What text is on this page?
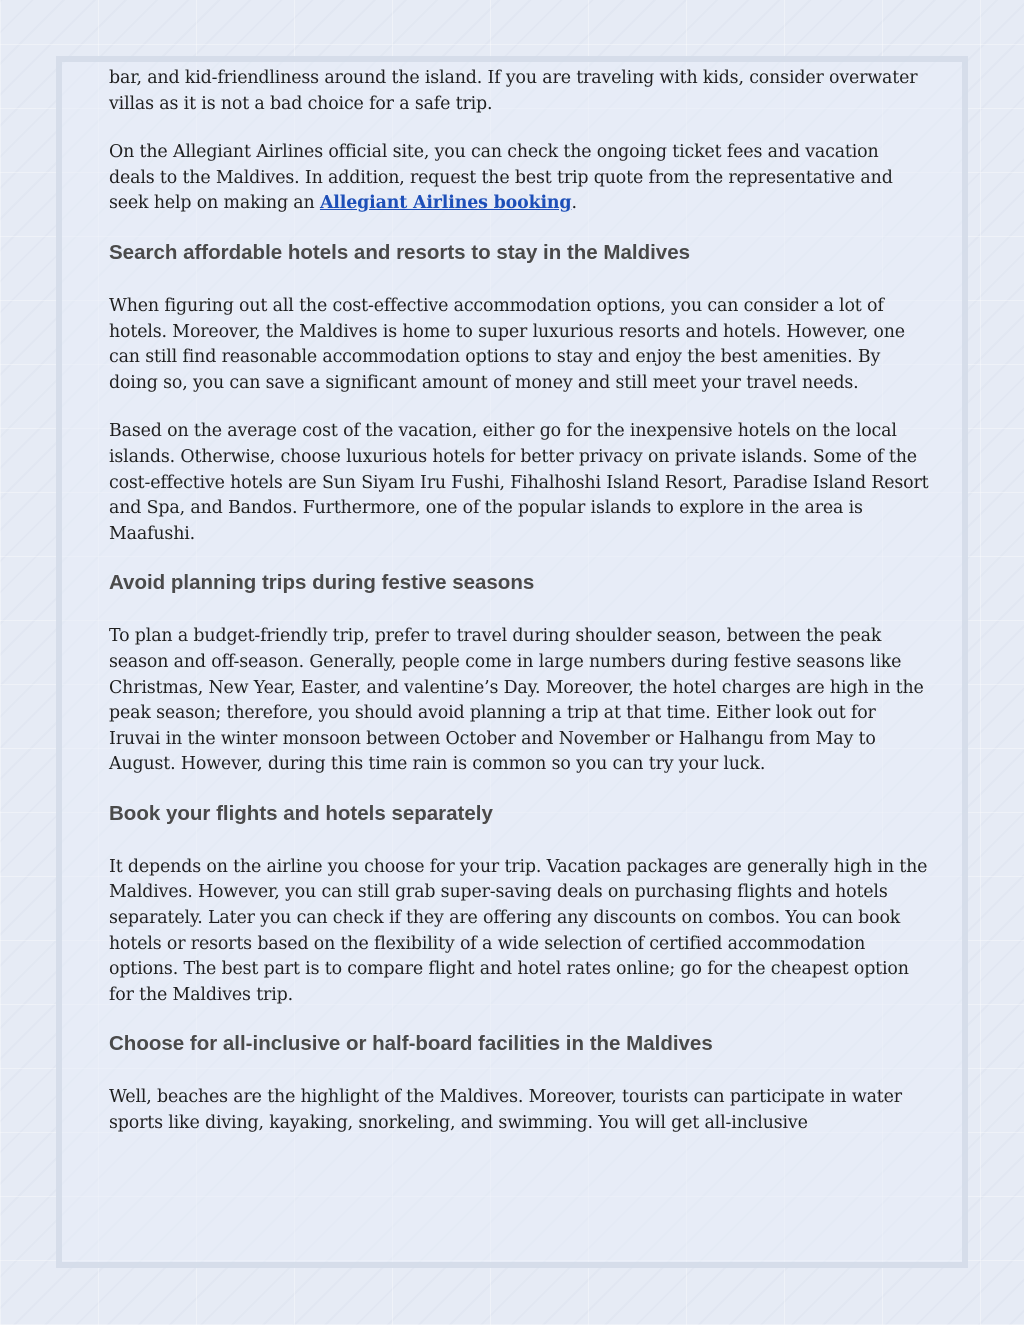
bar, and kid-friendliness around the island. If you are traveling with kids, consider overwater villas as it is not a bad choice for a safe trip.

On the Allegiant Airlines official site, you can check the ongoing ticket fees and vacation deals to the Maldives. In addition, request the best trip quote from the representative and seek help on making an Allegiant Airlines booking.

Search affordable hotels and resorts to stay in the Maldives

When figuring out all the cost-effective accommodation options, you can consider a lot of hotels. Moreover, the Maldives is home to super luxurious resorts and hotels. However, one can still find reasonable accommodation options to stay and enjoy the best amenities. By doing so, you can save a significant amount of money and still meet your travel needs.

Based on the average cost of the vacation, either go for the inexpensive hotels on the local islands. Otherwise, choose luxurious hotels for better privacy on private islands. Some of the cost-effective hotels are Sun Siyam Iru Fushi, Fihalhoshi Island Resort, Paradise Island Resort and Spa, and Bandos. Furthermore, one of the popular islands to explore in the area is Maafushi.

Avoid planning trips during festive seasons

To plan a budget-friendly trip, prefer to travel during shoulder season, between the peak season and off-season. Generally, people come in large numbers during festive seasons like Christmas, New Year, Easter, and valentine’s Day. Moreover, the hotel charges are high in the peak season; therefore, you should avoid planning a trip at that time. Either look out for Iruvai in the winter monsoon between October and November or Halhangu from May to August. However, during this time rain is common so you can try your luck.

Book your flights and hotels separately

It depends on the airline you choose for your trip. Vacation packages are generally high in the Maldives. However, you can still grab super-saving deals on purchasing flights and hotels separately. Later you can check if they are offering any discounts on combos. You can book hotels or resorts based on the flexibility of a wide selection of certified accommodation options. The best part is to compare flight and hotel rates online; go for the cheapest option for the Maldives trip.

Choose for all-inclusive or half-board facilities in the Maldives

Well, beaches are the highlight of the Maldives. Moreover, tourists can participate in water sports like diving, kayaking, snorkeling, and swimming. You will get all-inclusive
